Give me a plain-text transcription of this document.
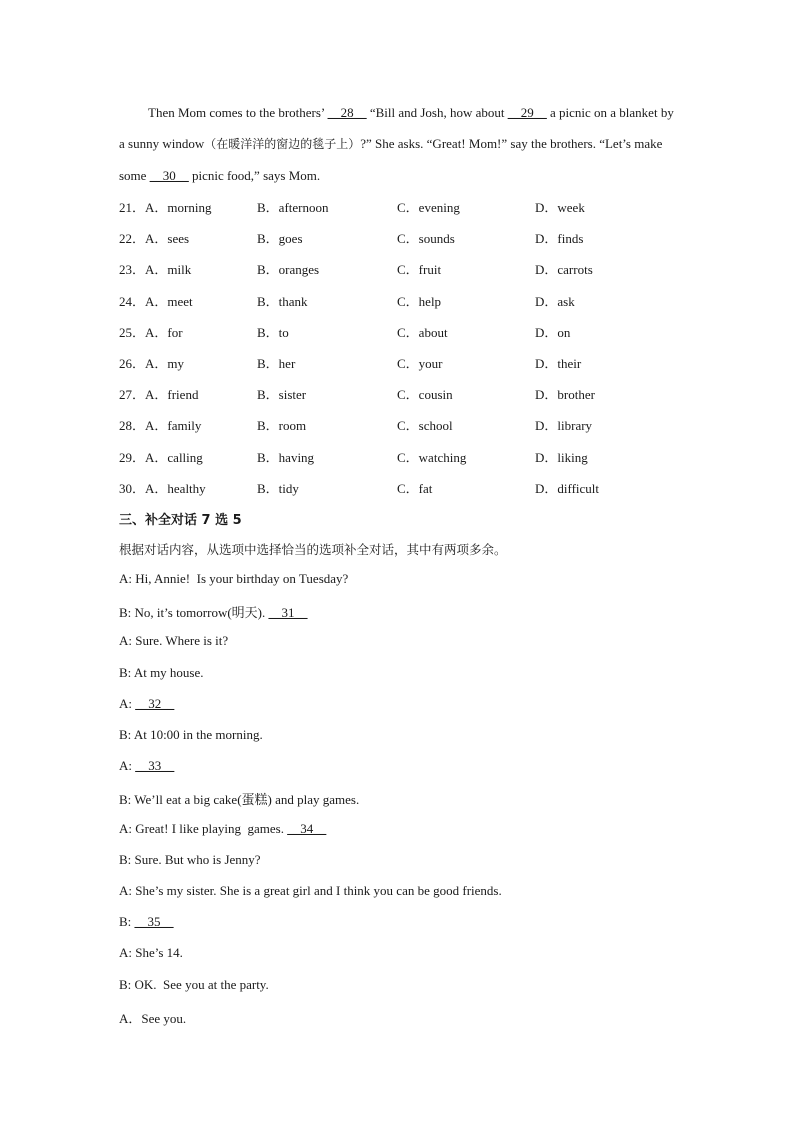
Then Mom comes to the brothers’ __28__ “Bill and Josh, how about __29__ a picnic on a blanket by a sunny window（在暖洋洋的窗边的毯子上）?” She asks. “Great! Mom!” say the brothers. “Let’s make some __30__ picnic food,” says Mom.

21．A．morning	B．afternoon	C．evening	D．week
22．A．sees	B．goes	C．sounds	D．finds
23．A．milk	B．oranges	C．fruit	D．carrots
24．A．meet	B．thank	C．help	D．ask
25．A．for	B．to	C．about	D．on
26．A．my	B．her	C．your	D．their
27．A．friend	B．sister	C．cousin	D．brother
28．A．family	B．room	C．school	D．library
29．A．calling	B．having	C．watching	D．liking
30．A．healthy	B．tidy	C．fat	D．difficult
三、补全对话 7 选 5
根据对话内容，从选项中选择恰当的选项补全对话，其中有两项多余。
A: Hi, Annie!  Is your birthday on Tuesday?
B: No, it’s tomorrow(明天). __31__
A: Sure. Where is it?
B: At my house.
A: __32__
B: At 10:00 in the morning.
A: __33__
B: We’ll eat a big cake(蛋糕) and play games.
A: Great! I like playing  games. __34__
B: Sure. But who is Jenny?
A: She’s my sister. She is a great girl and I think you can be good friends.
B: __35__
A: She’s 14.
B: OK.  See you at the party.
A．See you.
